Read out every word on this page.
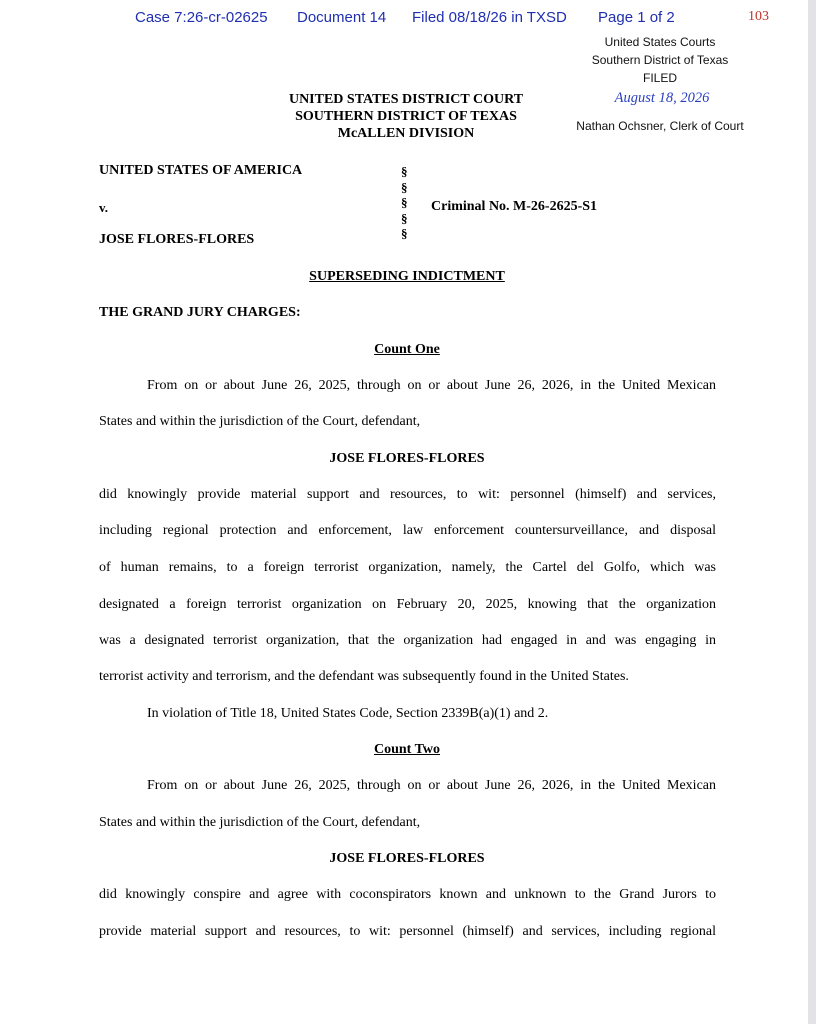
Case 7:26-cr-02625 Document 14 Filed 08/18/26 in TXSD Page 1 of 2	103
United States Courts
Southern District of Texas
FILED
August 18, 2026
Nathan Ochsner, Clerk of Court
UNITED STATES DISTRICT COURT
SOUTHERN DISTRICT OF TEXAS
McALLEN DIVISION
UNITED STATES OF AMERICA
v.
JOSE FLORES-FLORES
§
§
§
§
§
Criminal No. M-26-2625-S1
SUPERSEDING INDICTMENT
THE GRAND JURY CHARGES:
Count One
From on or about June 26, 2025, through on or about June 26, 2026, in the United Mexican
States and within the jurisdiction of the Court, defendant,
JOSE FLORES-FLORES
did knowingly provide material support and resources, to wit: personnel (himself) and services,
including regional protection and enforcement, law enforcement countersurveillance, and disposal
of human remains, to a foreign terrorist organization, namely, the Cartel del Golfo, which was
designated a foreign terrorist organization on February 20, 2025, knowing that the organization
was a designated terrorist organization, that the organization had engaged in and was engaging in
terrorist activity and terrorism, and the defendant was subsequently found in the United States.
In violation of Title 18, United States Code, Section 2339B(a)(1) and 2.
Count Two
From on or about June 26, 2025, through on or about June 26, 2026, in the United Mexican
States and within the jurisdiction of the Court, defendant,
JOSE FLORES-FLORES
did knowingly conspire and agree with coconspirators known and unknown to the Grand Jurors to
provide material support and resources, to wit: personnel (himself) and services, including regional
